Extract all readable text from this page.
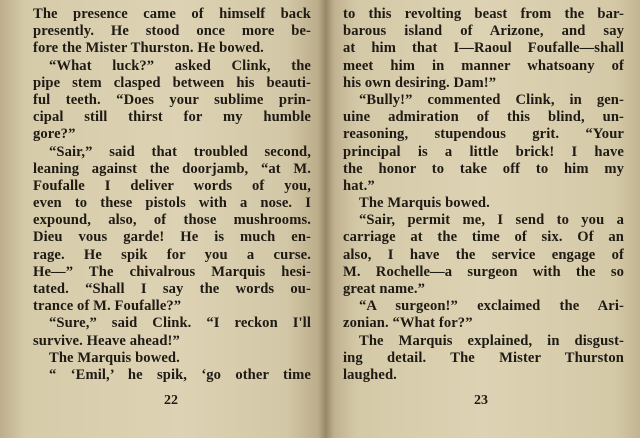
The presence came of himself back
presently. He stood once more be-
fore the Mister Thurston. He bowed.
“What luck?” asked Clink, the
pipe stem clasped between his beauti-
ful teeth. “Does your sublime prin-
cipal still thirst for my humble
gore?”
“Sair,” said that troubled second,
leaning against the doorjamb, “at M.
Foufalle I deliver words of you,
even to these pistols with a nose. I
expound, also, of those mushrooms.
Dieu vous garde! He is much en-
rage. He spik for you a curse.
He—” The chivalrous Marquis hesi-
tated. “Shall I say the words ou-
trance of M. Foufalle?”
“Sure,” said Clink. “I reckon I'll
survive. Heave ahead!”
The Marquis bowed.
“ ‘Emil,’ he spik, ‘go other time
22
to this revolting beast from the bar-
barous island of Arizone, and say
at him that I—Raoul Foufalle—shall
meet him in manner whatsoany of
his own desiring. Dam!”
“Bully!” commented Clink, in gen-
uine admiration of this blind, un-
reasoning, stupendous grit. “Your
principal is a little brick! I have
the honor to take off to him my
hat.”
The Marquis bowed.
“Sair, permit me, I send to you a
carriage at the time of six. Of an
also, I have the service engage of
M. Rochelle—a surgeon with the so
great name.”
“A surgeon!” exclaimed the Ari-
zonian. “What for?”
The Marquis explained, in disgust-
ing detail. The Mister Thurston
laughed.
23
